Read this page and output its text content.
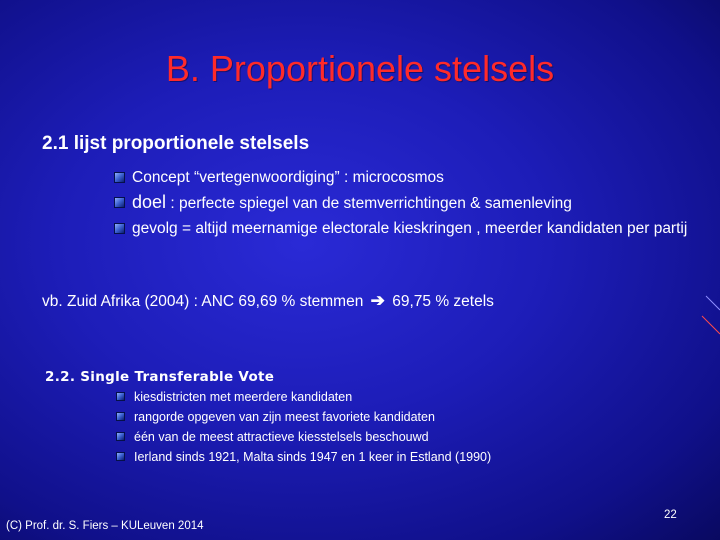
B. Proportionele stelsels
2.1 lijst proportionele stelsels
Concept “vertegenwoordiging” : microcosmos
doel : perfecte spiegel van de stemverrichtingen & samenleving
gevolg = altijd meernamige electorale kieskringen , meerder kandidaten per partij
vb. Zuid Afrika (2004) : ANC 69,69 % stemmen ➔ 69,75 % zetels
2.2. Single Transferable Vote
kiesdistricten met meerdere kandidaten
rangorde opgeven van zijn meest favoriete kandidaten
één van de meest attractieve kiesstelsels beschouwd
Ierland sinds 1921, Malta sinds 1947 en 1 keer in Estland (1990)
(C) Prof. dr. S. Fiers – KULeuven 2014
22
